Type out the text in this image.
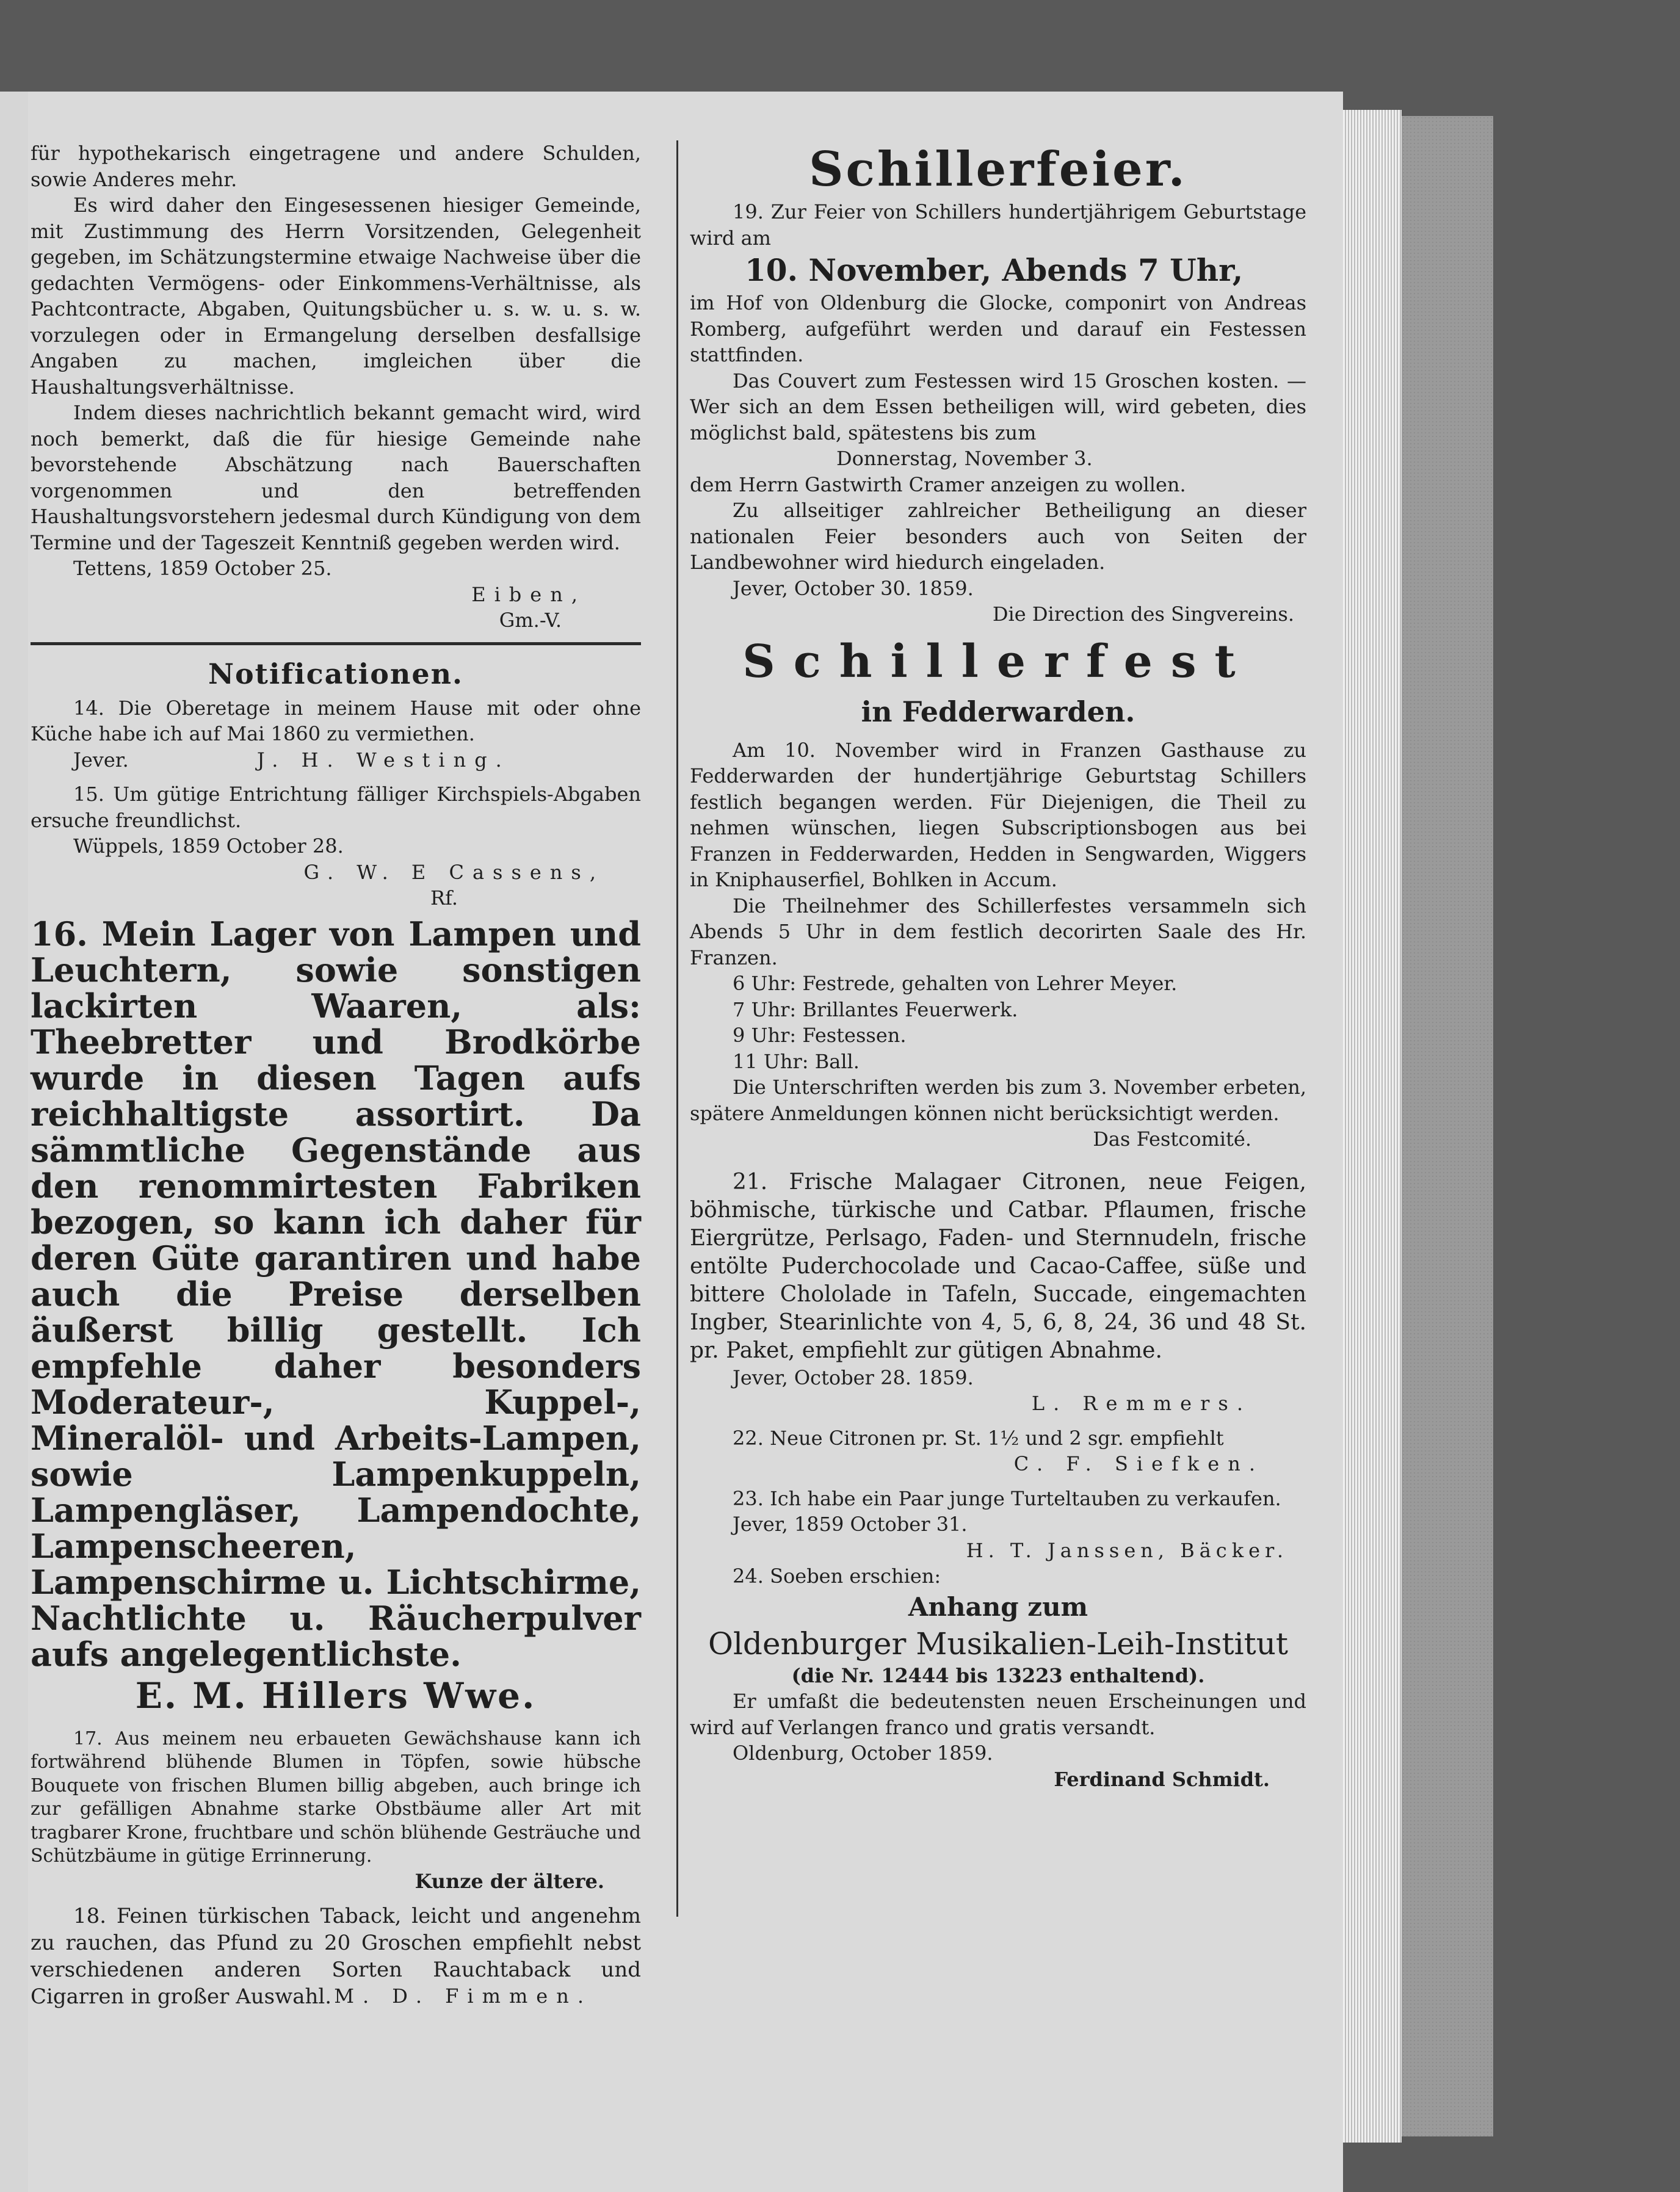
für hypothekarisch eingetragene und andere Schulden, sowie Anderes mehr.

Es wird daher den Eingesessenen hiesiger Gemeinde, mit Zustimmung des Herrn Vorsitzenden, Gelegenheit gegeben, im Schätzungstermine etwaige Nachweise über die gedachten Vermögens- oder Einkommens-Verhältnisse, als Pachtcontracte, Abgaben, Quitungsbücher u. s. w. u. s. w. vorzulegen oder in Ermangelung derselben desfallsige Angaben zu machen, imgleichen über die Haushaltungsverhältnisse.

Indem dieses nachrichtlich bekannt gemacht wird, wird noch bemerkt, daß die für hiesige Gemeinde nahe bevorstehende Abschätzung nach Bauerschaften vorgenommen und den betreffenden Haushaltungsvorstehern jedesmal durch Kündigung von dem Termine und der Tageszeit Kenntniß gegeben werden wird.

Tettens, 1859 October 25.

Eiben,

Gm.-V.

Notificationen.

14. Die Oberetage in meinem Hause mit oder ohne Küche habe ich auf Mai 1860 zu vermiethen.

Jever.	J. H. Westing.

15. Um gütige Entrichtung fälliger Kirchspiels-Abgaben ersuche freundlichst.

Wüppels, 1859 October 28.

G. W. E Cassens,

Rf.

16. Mein Lager von Lampen und Leuchtern, sowie sonstigen lackirten Waaren, als: Theebretter und Brodkörbe wurde in diesen Tagen aufs reichhaltigste assortirt. Da sämmtliche Gegenstände aus den renommirtesten Fabriken bezogen, so kann ich daher für deren Güte garantiren und habe auch die Preise derselben äußerst billig gestellt. Ich empfehle daher besonders Moderateur-, Kuppel-, Mineralöl- und Arbeits-Lampen, sowie Lampenkuppeln, Lampengläser, Lampendochte, Lampenscheeren, Lampenschirme u. Lichtschirme, Nachtlichte u. Räucherpulver aufs angelegentlichste.

E. M. Hillers Wwe.

17. Aus meinem neu erbaueten Gewächshause kann ich fortwährend blühende Blumen in Töpfen, sowie hübsche Bouquete von frischen Blumen billig abgeben, auch bringe ich zur gefälligen Abnahme starke Obstbäume aller Art mit tragbarer Krone, fruchtbare und schön blühende Gesträuche und Schützbäume in gütige Errinnerung.

Kunze der ältere.

18. Feinen türkischen Taback, leicht und angenehm zu rauchen, das Pfund zu 20 Groschen empfiehlt nebst verschiedenen anderen Sorten Rauchtaback und Cigarren in großer Auswahl. M. D. Fimmen.

Schillerfeier.

19. Zur Feier von Schillers hundertjährigem Geburtstage wird am

10. November, Abends 7 Uhr,

im Hof von Oldenburg die Glocke, componirt von Andreas Romberg, aufgeführt werden und darauf ein Festessen stattfinden.

Das Couvert zum Festessen wird 15 Groschen kosten. — Wer sich an dem Essen betheiligen will, wird gebeten, dies möglichst bald, spätestens bis zum

Donnerstag, November 3.

dem Herrn Gastwirth Cramer anzeigen zu wollen.

Zu allseitiger zahlreicher Betheiligung an dieser nationalen Feier besonders auch von Seiten der Landbewohner wird hiedurch eingeladen.

Jever, October 30. 1859.

Die Direction des Singvereins.

Schillerfest

in Fedderwarden.

Am 10. November wird in Franzen Gasthause zu Fedderwarden der hundertjährige Geburtstag Schillers festlich begangen werden. Für Diejenigen, die Theil zu nehmen wünschen, liegen Subscriptionsbogen aus bei Franzen in Fedderwarden, Hedden in Sengwarden, Wiggers in Kniphauserfiel, Bohlken in Accum.

Die Theilnehmer des Schillerfestes versammeln sich Abends 5 Uhr in dem festlich decorirten Saale des Hr. Franzen.

6 Uhr: Festrede, gehalten von Lehrer Meyer.

7 Uhr: Brillantes Feuerwerk.

9 Uhr: Festessen.

11 Uhr: Ball.

Die Unterschriften werden bis zum 3. November erbeten, spätere Anmeldungen können nicht berücksichtigt werden.

Das Festcomité.

21. Frische Malagaer Citronen, neue Feigen, böhmische, türkische und Catbar. Pflaumen, frische Eiergrütze, Perlsago, Faden- und Sternnudeln, frische entölte Puderchocolade und Cacao-Caffee, süße und bittere Chololade in Tafeln, Succade, eingemachten Ingber, Stearinlichte von 4, 5, 6, 8, 24, 36 und 48 St. pr. Paket, empfiehlt zur gütigen Abnahme.

Jever, October 28. 1859.

L. Remmers.

22. Neue Citronen pr. St. 1½ und 2 sgr. empfiehlt

C. F. Siefken.

23. Ich habe ein Paar junge Turteltauben zu verkaufen.

Jever, 1859 October 31.

H. T. Janssen, Bäcker.

24. Soeben erschien:

Anhang zum

Oldenburger Musikalien-Leih-Institut

(die Nr. 12444 bis 13223 enthaltend).

Er umfaßt die bedeutensten neuen Erscheinungen und wird auf Verlangen franco und gratis versandt.

Oldenburg, October 1859.

Ferdinand Schmidt.
